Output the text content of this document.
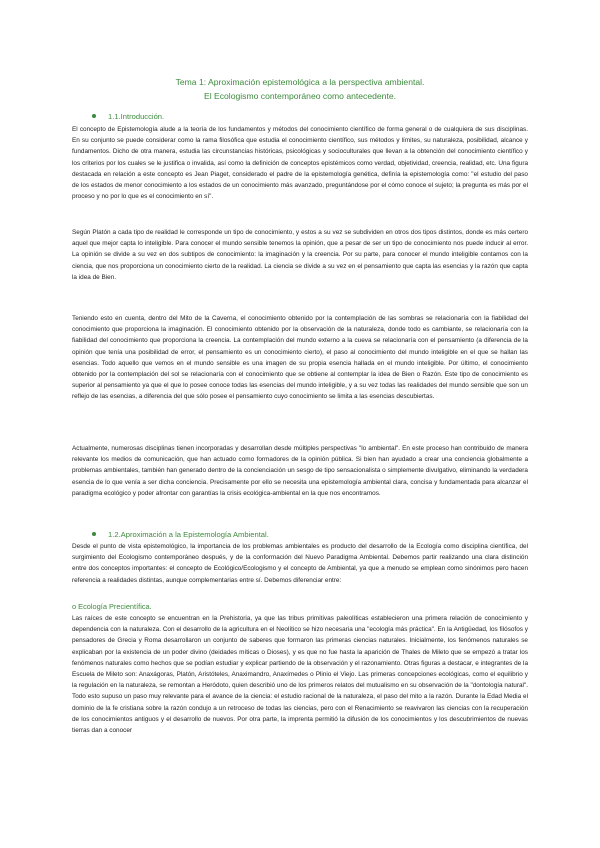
Tema 1: Aproximación epistemológica a la perspectiva ambiental.
El Ecologismo contemporáneo como antecedente.
1.1.Introducción.
El concepto de Epistemología alude a la teoría de los fundamentos y métodos del conocimiento científico de forma general o de cualquiera de sus disciplinas. En su conjunto se puede considerar como la rama filosófica que estudia el conocimiento científico, sus métodos y límites, su naturaleza, posibilidad, alcance y fundamentos. Dicho de otra manera, estudia las circunstancias históricas, psicológicas y socioculturales que llevan a la obtención del conocimiento científico y los criterios por los cuales se le justifica o invalida, así como la definición de conceptos epistémicos como verdad, objetividad, creencia, realidad, etc. Una figura destacada en relación a este concepto es Jean Piaget, considerado el padre de la epistemología genética, definía la epistemología como: "el estudio del paso de los estados de menor conocimiento a los estados de un conocimiento más avanzado, preguntándose por el cómo conoce el sujeto; la pregunta es más por el proceso y no por lo que es el conocimiento en sí".
Según Platón a cada tipo de realidad le corresponde un tipo de conocimiento, y estos a su vez se subdividen en otros dos tipos distintos, donde es más certero aquel que mejor capta lo inteligible. Para conocer el mundo sensible tenemos la opinión, que a pesar de ser un tipo de conocimiento nos puede inducir al error. La opinión se divide a su vez en dos subtipos de conocimiento: la imaginación y la creencia. Por su parte, para conocer el mundo inteligible contamos con la ciencia, que nos proporciona un conocimiento cierto de la realidad. La ciencia se divide a su vez en el pensamiento que capta las esencias y la razón que capta la idea de Bien.
Teniendo esto en cuenta, dentro del Mito de la Caverna, el conocimiento obtenido por la contemplación de las sombras se relacionaría con la fiabilidad del conocimiento que proporciona la imaginación. El conocimiento obtenido por la observación de la naturaleza, donde todo es cambiante, se relacionaría con la fiabilidad del conocimiento que proporciona la creencia. La contemplación del mundo externo a la cueva se relacionaría con el pensamiento (a diferencia de la opinión que tenía una posibilidad de error, el pensamiento es un conocimiento cierto), el paso al conocimiento del mundo inteligible en el que se hallan las esencias. Todo aquello que vemos en el mundo sensible es una imagen de su propia esencia hallada en el mundo inteligible. Por último, el conocimiento obtenido por la contemplación del sol se relacionaría con el conocimiento que se obtiene al contemplar la idea de Bien o Razón. Este tipo de conocimiento es superior al pensamiento ya que el que lo posee conoce todas las esencias del mundo inteligible, y a su vez todas las realidades del mundo sensible que son un reflejo de las esencias, a diferencia del que sólo posee el pensamiento cuyo conocimiento se limita a las esencias descubiertas.
Actualmente, numerosas disciplinas tienen incorporadas y desarrollan desde múltiples perspectivas "lo ambiental". En este proceso han contribuido de manera relevante los medios de comunicación, que han actuado como formadores de la opinión pública. Si bien han ayudado a crear una conciencia globalmente a problemas ambientales, también han generado dentro de la concienciación un sesgo de tipo sensacionalista o simplemente divulgativo, eliminando la verdadera esencia de lo que venía a ser dicha conciencia. Precisamente por ello se necesita una epistemología ambiental clara, concisa y fundamentada para alcanzar el paradigma ecológico y poder afrontar con garantías la crisis ecológica-ambiental en la que nos encontramos.
1.2.Aproximación a la Epistemología Ambiental.
Desde el punto de vista epistemológico, la importancia de los problemas ambientales es producto del desarrollo de la Ecología como disciplina científica, del surgimiento del Ecologismo contemporáneo después, y de la conformación del Nuevo Paradigma Ambiental. Debemos partir realizando una clara distinción entre dos conceptos importantes: el concepto de Ecológico/Ecologismo y el concepto de Ambiental, ya que a menudo se emplean como sinónimos pero hacen referencia a realidades distintas, aunque complementarias entre sí. Debemos diferenciar entre:
o Ecología Precientífica.
Las raíces de este concepto se encuentran en la Prehistoria, ya que las tribus primitivas paleolíticas establecieron una primera relación de conocimiento y dependencia con la naturaleza. Con el desarrollo de la agricultura en el Neolítico se hizo necesaria una "ecología más práctica". En la Antigüedad, los filósofos y pensadores de Grecia y Roma desarrollaron un conjunto de saberes que formaron las primeras ciencias naturales. Inicialmente, los fenómenos naturales se explicaban por la existencia de un poder divino (deidades míticas o Dioses), y es que no fue hasta la aparición de Thales de Mileto que se empezó a tratar los fenómenos naturales como hechos que se podían estudiar y explicar partiendo de la observación y el razonamiento. Otras figuras a destacar, e integrantes de la Escuela de Mileto son: Anaxágoras, Platón, Aristóteles, Anaximandro, Anaxímedes o Plinio el Viejo. Las primeras concepciones ecológicas, como el equilibrio y la regulación en la naturaleza, se remontan a Heródoto, quien describió uno de los primeros relatos del mutualismo en su observación de la "dontología natural". Todo esto supuso un paso muy relevante para el avance de la ciencia: el estudio racional de la naturaleza, el paso del mito a la razón. Durante la Edad Media el dominio de la fe cristiana sobre la razón condujo a un retroceso de todas las ciencias, pero con el Renacimiento se reavivaron las ciencias con la recuperación de los conocimientos antiguos y el desarrollo de nuevos. Por otra parte, la imprenta permitió la difusión de los conocimientos y los descubrimientos de nuevas tierras dan a conocer
